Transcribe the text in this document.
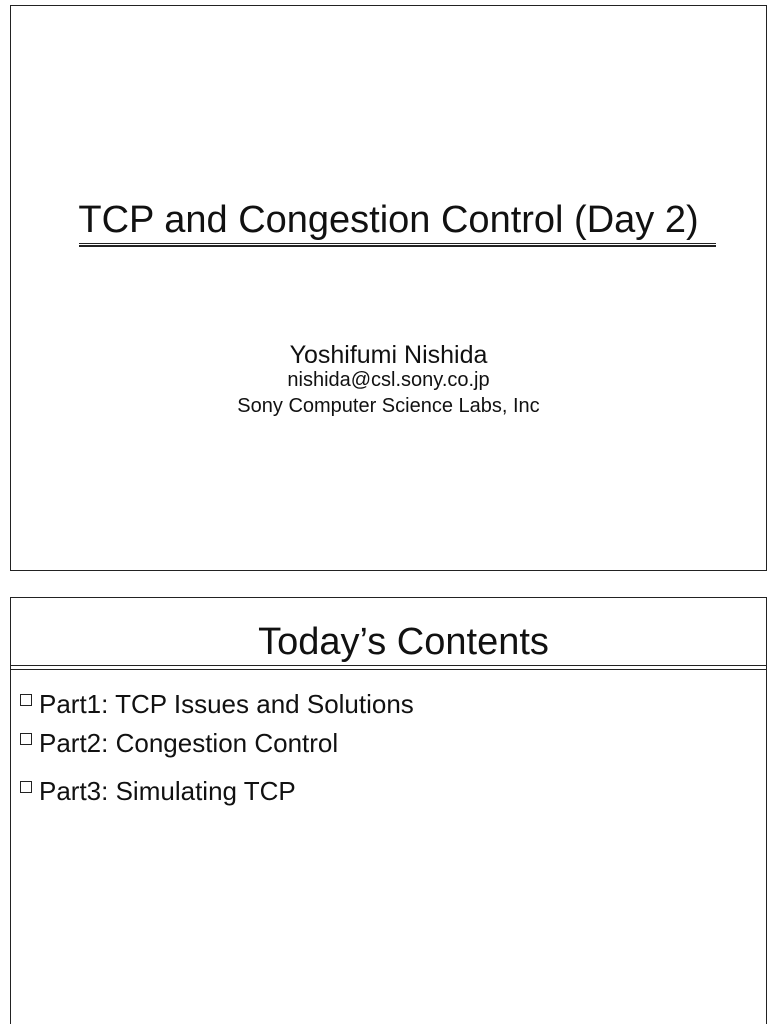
TCP and Congestion Control (Day 2)

Yoshifumi Nishida

nishida@csl.sony.co.jp

Sony Computer Science Labs, Inc

Today’s Contents
Part1: TCP Issues and Solutions
Part2: Congestion Control
Part3: Simulating TCP
